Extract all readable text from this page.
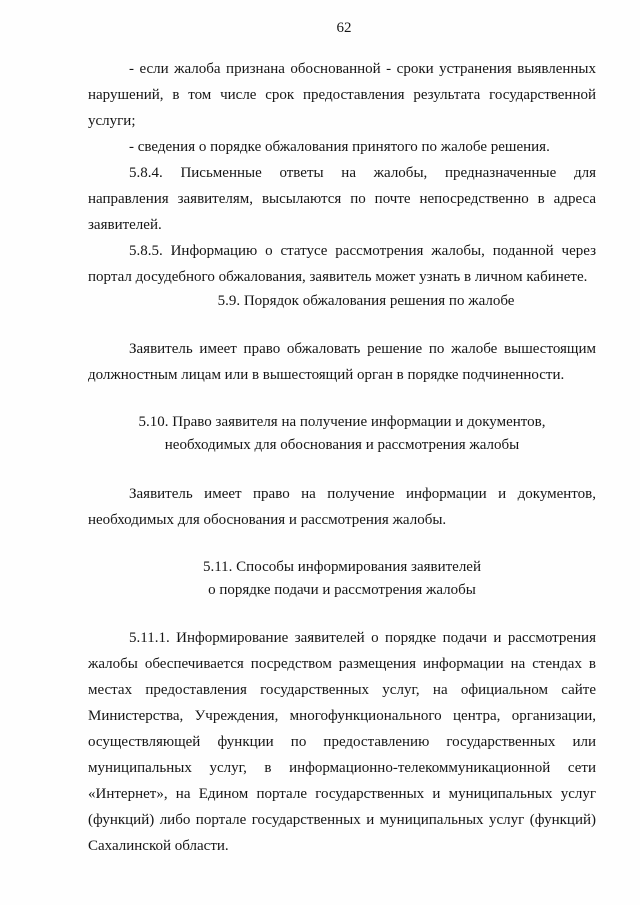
62

- если жалоба признана обоснованной - сроки устранения выявленных нарушений, в том числе срок предоставления результата государственной услуги;

- сведения о порядке обжалования принятого по жалобе решения.

5.8.4. Письменные ответы на жалобы, предназначенные для направления заявителям, высылаются по почте непосредственно в адреса заявителей.

5.8.5. Информацию о статусе рассмотрения жалобы, поданной через портал досудебного обжалования, заявитель может узнать в личном кабинете.

5.9. Порядок обжалования решения по жалобе

Заявитель имеет право обжаловать решение по жалобе вышестоящим должностным лицам или в вышестоящий орган в порядке подчиненности.

5.10. Право заявителя на получение информации и документов,
необходимых для обоснования и рассмотрения жалобы

Заявитель имеет право на получение информации и документов, необходимых для обоснования и рассмотрения жалобы.

5.11. Способы информирования заявителей
о порядке подачи и рассмотрения жалобы

5.11.1. Информирование заявителей о порядке подачи и рассмотрения жалобы обеспечивается посредством размещения информации на стендах в местах предоставления государственных услуг, на официальном сайте Министерства, Учреждения, многофункционального центра, организации, осуществляющей функции по предоставлению государственных или муниципальных услуг, в информационно-телекоммуникационной сети «Интернет», на Едином портале государственных и муниципальных услуг (функций) либо портале государственных и муниципальных услуг (функций) Сахалинской области.
